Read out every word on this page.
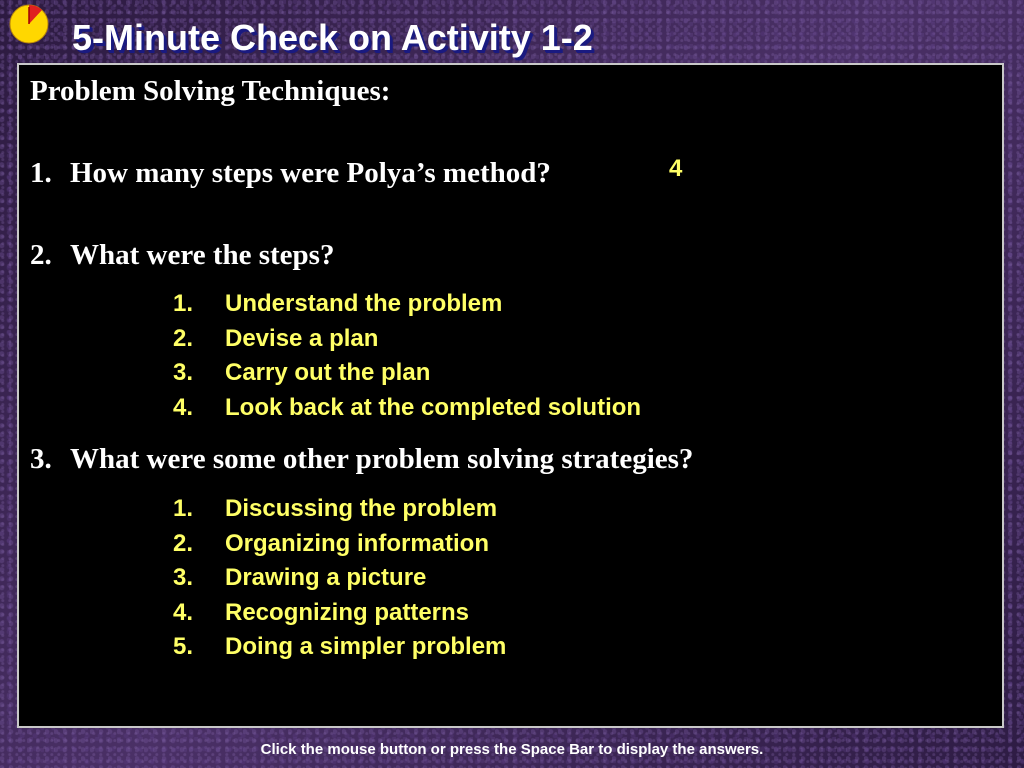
5-Minute Check on Activity 1-2
Problem Solving Techniques:
1. How many steps were Polya’s method?	4
2. What were the steps?
1. Understand the problem
2. Devise a plan
3. Carry out the plan
4. Look back at the completed solution
3. What were some other problem solving strategies?
1. Discussing the problem
2. Organizing information
3. Drawing a picture
4. Recognizing patterns
5. Doing a simpler problem
Click the mouse button or press the Space Bar to display the answers.
